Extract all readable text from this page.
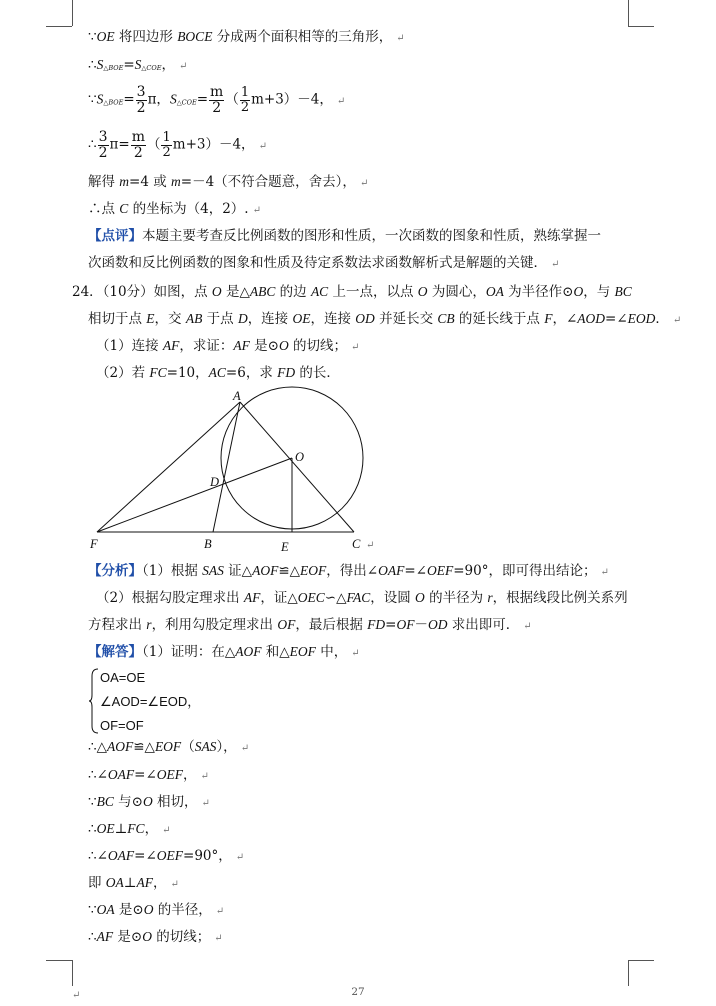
∵OE 将四边形 BOCE 分成两个面积相等的三角形， ↵
∴S△BOE=S△COE， ↵
∵S△BOE= $\frac{3}{2}$ π，S△COE= $\frac{m}{2}$ （ $\frac{1}{2} m+3)-4$， ↵
∴ $\frac{3}{2} \pi= \frac{m}{2}$ （ $\frac{1}{2} m+3)-4$， ↵
解得 m=4 或 m=－4（不符合题意，舍去）， ↵
∴点 C 的坐标为（4，2）. ↵
【点评】本题主要考查反比例函数的图形和性质，一次函数的图象和性质，熟练掌握一
次函数和反比例函数的图象和性质及待定系数法求函数解析式是解题的关键． ↵
24．（10分）如图，点 O 是△ABC 的边 AC 上一点，以点 O 为圆心，OA 为半径作⊙O，与 BC
相切于点 E，交 AB 于点 D，连接 OE，连接 OD 并延长交 CB 的延长线于点 F，∠AOD=∠EOD． ↵
（1）连接 AF，求证：AF 是⊙O 的切线； ↵
（2）若 FC=10，AC=6，求 FD 的长．
A
O
D
F	B	E	C ↵
【分析】（1）根据 SAS 证△AOF≌△EOF，得出∠OAF=∠OEF=90°，即可得出结论； ↵
（2）根据勾股定理求出 AF，证△OEC∽△FAC，设圆 O 的半径为 r，根据线段比例关系列
方程求出 r，利用勾股定理求出 OF，最后根据 FD=OF－OD 求出即可． ↵
【解答】（1）证明：在△AOF 和△EOF 中， ↵
OA=OE
∠AOD=∠EOD，
OF=OF
∴△AOF≌△EOF（SAS）， ↵
∴∠OAF=∠OEF， ↵
∵BC 与⊙O 相切， ↵
∴OE⊥FC， ↵
∴∠OAF=∠OEF=90°， ↵
即 OA⊥AF， ↵
∵OA 是⊙O 的半径， ↵
∴AF 是⊙O 的切线； ↵
↵	27
